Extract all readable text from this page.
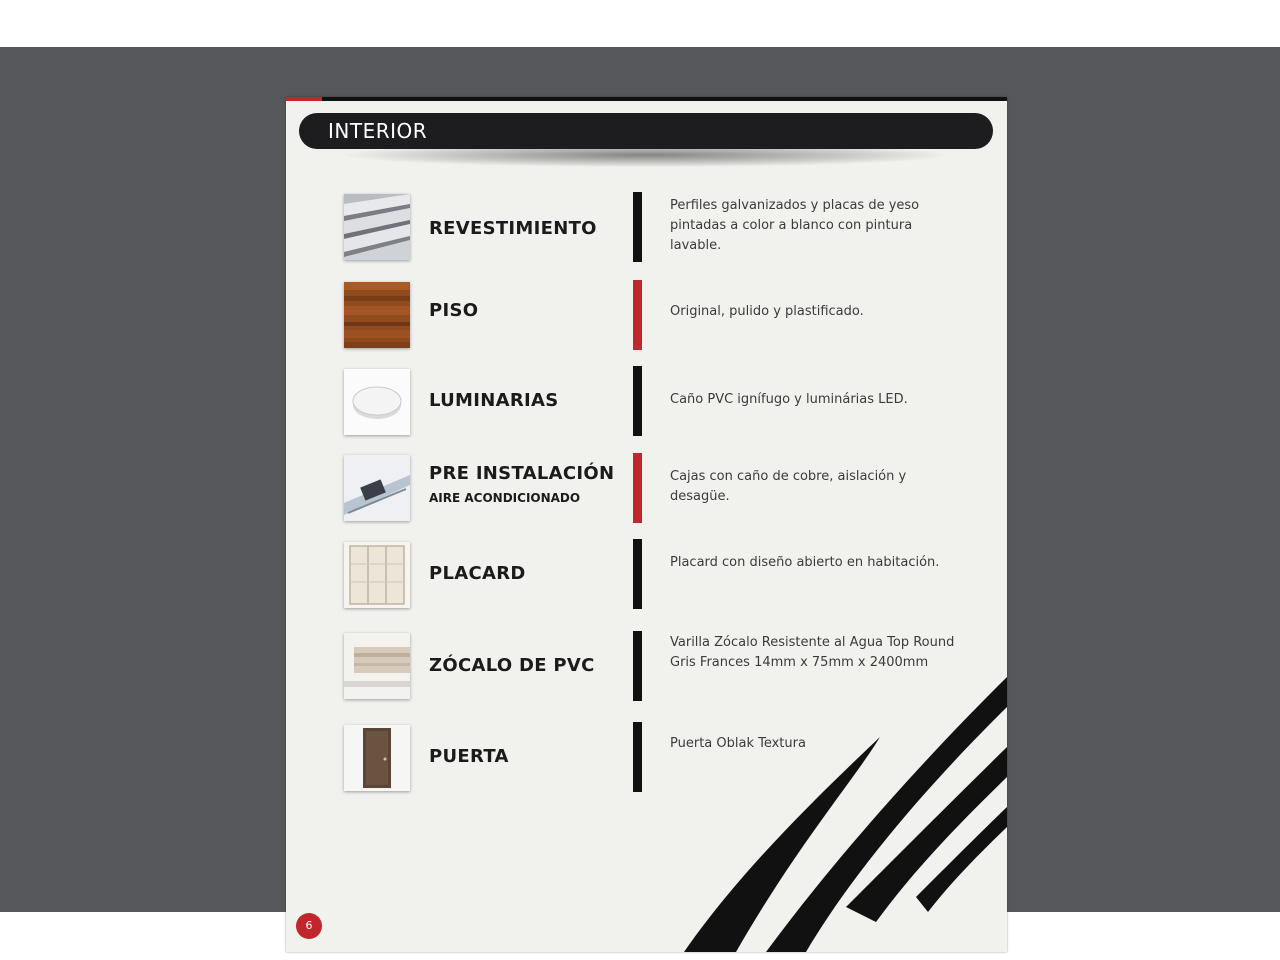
INTERIOR
REVESTIMIENTO
Perfiles galvanizados y placas de yeso pintadas a color a blanco con pintura lavable.
PISO	Original, pulido y plastificado.
LUMINARIAS	Caño PVC ignífugo y luminárias LED.
PRE INSTALACIÓN
AIRE ACONDICIONADO
Cajas con caño de cobre, aislación y desagüe.
PLACARD
Placard con diseño abierto en habitación.
ZÓCALO DE PVC
Varilla Zócalo Resistente al Agua Top Round Gris Frances 14mm x 75mm x 2400mm
PUERTA
Puerta Oblak Textura
6
